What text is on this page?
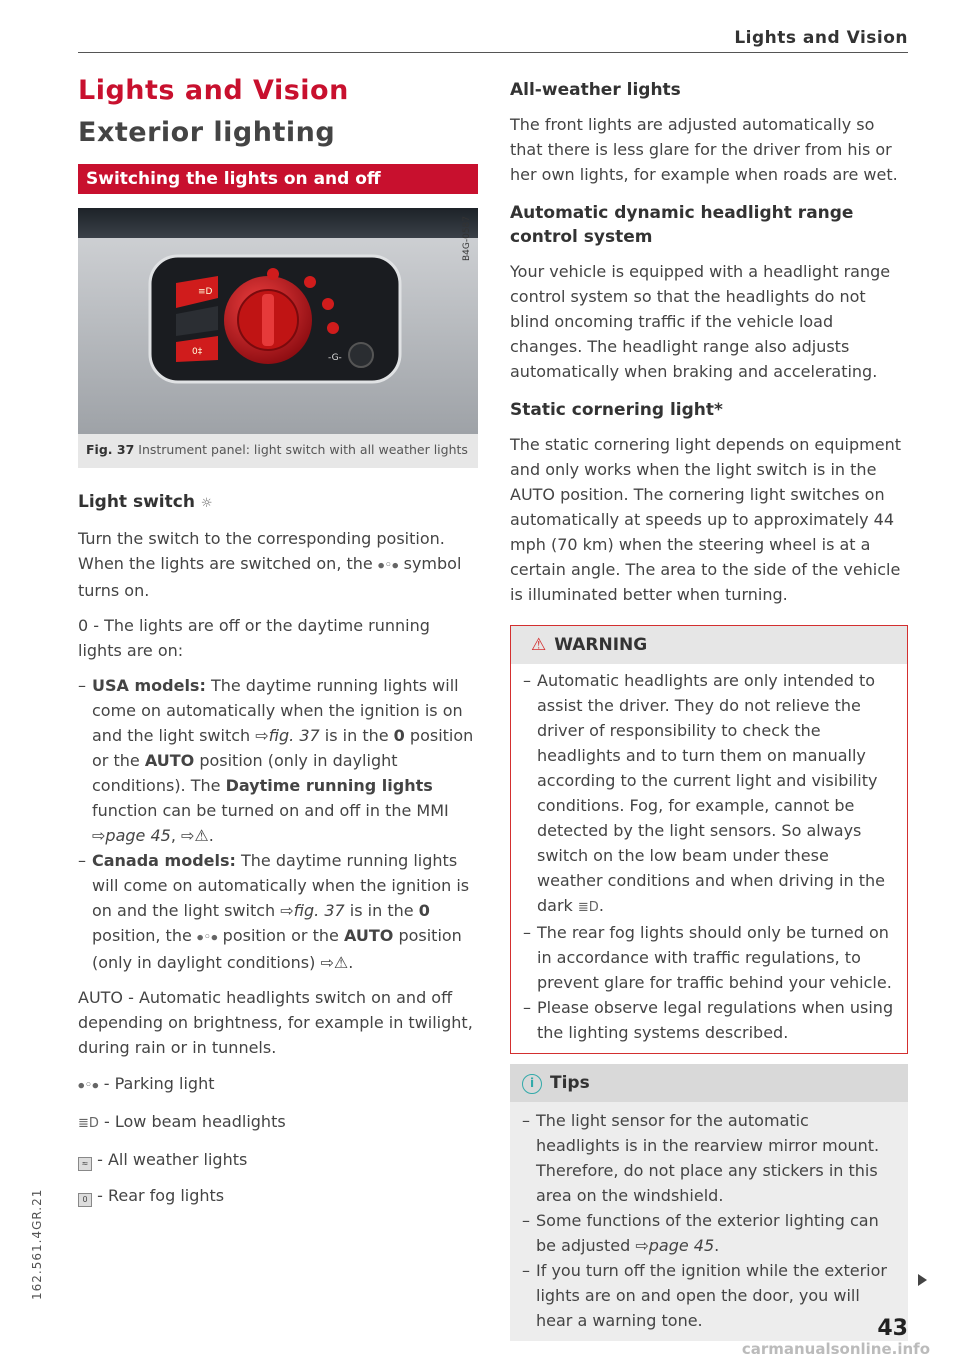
Lights and Vision
Lights and Vision
Exterior lighting
Switching the lights on and off
≡D
0‡
-G-
B4G-0587
Fig. 37 Instrument panel: light switch with all weather lights
Light switch ☼

Turn the switch to the corresponding position. When the lights are switched on, the ⦁◦⦁ symbol turns on.

0 - The lights are off or the daytime running lights are on:

– USA models: The daytime running lights will come on automatically when the ignition is on and the light switch ⇨fig. 37 is in the 0 position or the AUTO position (only in daylight conditions). The Daytime running lights function can be turned on and off in the MMI ⇨page 45, ⇨⚠.
– Canada models: The daytime running lights will come on automatically when the ignition is on and the light switch ⇨fig. 37 is in the 0 position, the ⦁◦⦁ position or the AUTO position (only in daylight conditions) ⇨⚠.

AUTO - Automatic headlights switch on and off depending on brightness, for example in twilight, during rain or in tunnels.

⦁◦⦁ - Parking light
≣D - Low beam headlights
≈ - All weather lights
0 - Rear fog lights
All-weather lights

The front lights are adjusted automatically so that there is less glare for the driver from his or her own lights, for example when roads are wet.

Automatic dynamic headlight range control system

Your vehicle is equipped with a headlight range control system so that the headlights do not blind oncoming traffic if the vehicle load changes. The headlight range also adjusts automatically when braking and accelerating.

Static cornering light*

The static cornering light depends on equipment and only works when the light switch is in the AUTO position. The cornering light switches on automatically at speeds up to approximately 44 mph (70 km) when the steering wheel is at a certain angle. The area to the side of the vehicle is illuminated better when turning.

⚠ WARNING
– Automatic headlights are only intended to assist the driver. They do not relieve the driver of responsibility to check the headlights and to turn them on manually according to the current light and visibility conditions. Fog, for example, cannot be detected by the light sensors. So always switch on the low beam under these weather conditions and when driving in the dark ≣D.
– The rear fog lights should only be turned on in accordance with traffic regulations, to prevent glare for traffic behind your vehicle.
– Please observe legal regulations when using the lighting systems described.
i Tips
– The light sensor for the automatic headlights is in the rearview mirror mount. Therefore, do not place any stickers in this area on the windshield.
– Some functions of the exterior lighting can be adjusted ⇨page 45.
– If you turn off the ignition while the exterior lights are on and open the door, you will hear a warning tone.	43
162.561.4GR.21
carmanualsonline.info
